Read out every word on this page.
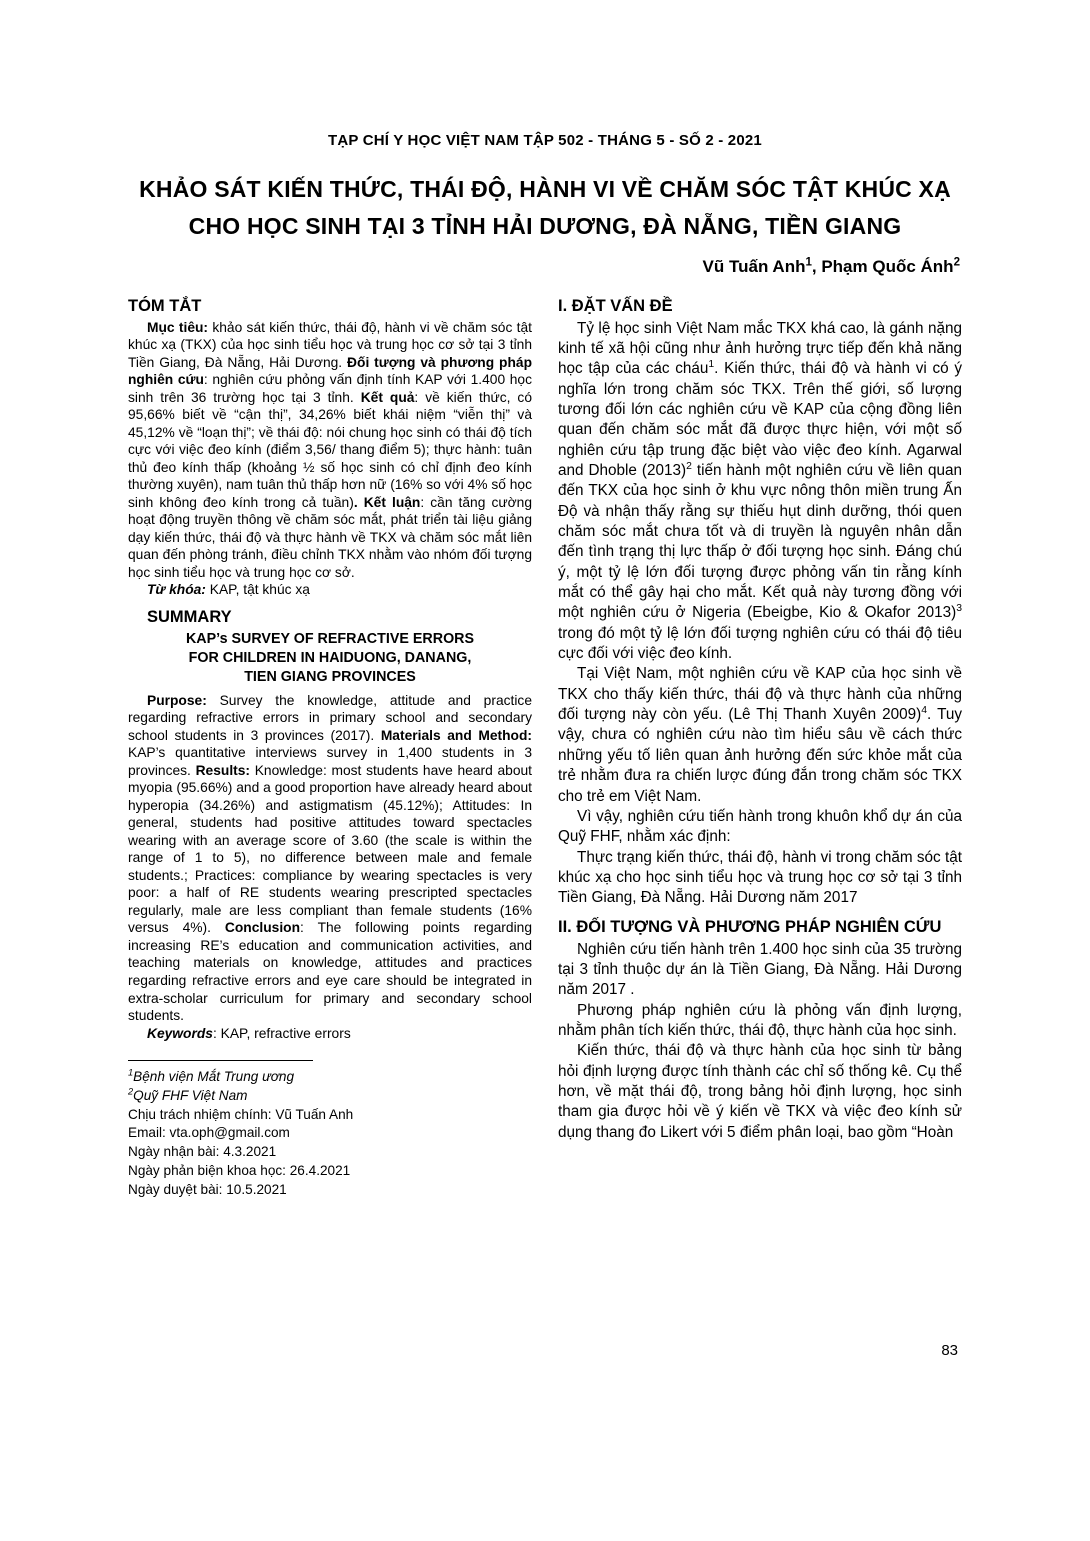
TẠP CHÍ Y HỌC VIỆT NAM TẬP 502 - THÁNG 5 - SỐ 2 - 2021
KHẢO SÁT KIẾN THỨC, THÁI ĐỘ, HÀNH VI VỀ CHĂM SÓC TẬT KHÚC XẠ
CHO HỌC SINH TẠI 3 TỈNH HẢI DƯƠNG, ĐÀ NẴNG, TIỀN GIANG
Vũ Tuấn Anh$^1$, Phạm Quốc Ánh$^2$
TÓM TẮT

Mục tiêu: khảo sát kiến thức, thái độ, hành vi về chăm sóc tật khúc xạ (TKX) của học sinh tiểu học và trung học cơ sở tại 3 tỉnh Tiền Giang, Đà Nẵng, Hải Dương. Đối tượng và phương pháp nghiên cứu: nghiên cứu phỏng vấn định tính KAP với 1.400 học sinh trên 36 trường học tại 3 tỉnh. Kết quả: về kiến thức, có 95,66% biết về “cận thị”, 34,26% biết khái niệm “viễn thị” và 45,12% về “loạn thị”; về thái độ: nói chung học sinh có thái độ tích cực với việc đeo kính (điểm 3,56/ thang điểm 5); thực hành: tuân thủ đeo kính thấp (khoảng ½ số học sinh có chỉ định đeo kính thường xuyên), nam tuân thủ thấp hơn nữ (16% so với 4% số học sinh không đeo kính trong cả tuần). Kết luận: cần tăng cường hoạt động truyền thông về chăm sóc mắt, phát triển tài liệu giảng dạy kiến thức, thái độ và thực hành về TKX và chăm sóc mắt liên quan đến phòng tránh, điều chỉnh TKX nhằm vào nhóm đối tượng học sinh tiểu học và trung học cơ sở.

Từ khóa: KAP, tật khúc xạ

SUMMARY
KAP’s SURVEY OF REFRACTIVE ERRORS
FOR CHILDREN IN HAIDUONG, DANANG,
TIEN GIANG PROVINCES

Purpose: Survey the knowledge, attitude and practice regarding refractive errors in primary school and secondary school students in 3 provinces (2017). Materials and Method: KAP’s quantitative interviews survey in 1,400 students in 3 provinces. Results: Knowledge: most students have heard about myopia (95.66%) and a good proportion have already heard about hyperopia (34.26%) and astigmatism (45.12%); Attitudes: In general, students had positive attitudes toward spectacles wearing with an average score of 3.60 (the scale is within the range of 1 to 5), no difference between male and female students.; Practices: compliance by wearing spectacles is very poor: a half of RE students wearing prescripted spectacles regularly, male are less compliant than female students (16% versus 4%). Conclusion: The following points regarding increasing RE’s education and communication activities, and teaching materials on knowledge, attitudes and practices regarding refractive errors and eye care should be integrated in extra-scholar curriculum for primary and secondary school students.

Keywords: KAP, refractive errors

$^1$Bệnh viện Mắt Trung ương
$^2$Quỹ FHF Việt Nam
Chịu trách nhiệm chính: Vũ Tuấn Anh
Email: vta.oph@gmail.com
Ngày nhận bài: 4.3.2021
Ngày phản biện khoa học: 26.4.2021
Ngày duyệt bài: 10.5.2021
I. ĐẶT VẤN ĐỀ

Tỷ lệ học sinh Việt Nam mắc TKX khá cao, là gánh nặng kinh tế xã hội cũng như ảnh hưởng trực tiếp đến khả năng học tập của các cháu$^1$. Kiến thức, thái độ và hành vi có ý nghĩa lớn trong chăm sóc TKX. Trên thế giới, số lượng tương đối lớn các nghiên cứu về KAP của cộng đồng liên quan đến chăm sóc mắt đã được thực hiện, với một số nghiên cứu tập trung đặc biệt vào việc đeo kính. Agarwal and Dhoble $(2013)^2$ tiến hành một nghiên cứu về liên quan đến TKX của học sinh ở khu vực nông thôn miền trung Ấn Độ và nhận thấy rằng sự thiếu hụt dinh dưỡng, thói quen chăm sóc mắt chưa tốt và di truyền là nguyên nhân dẫn đến tình trạng thị lực thấp ở đối tượng học sinh. Đáng chú ý, một tỷ lệ lớn đối tượng được phỏng vấn tin rằng kính mắt có thể gây hại cho mắt. Kết quả này tương đồng với một nghiên cứu ở Nigeria (Ebeigbe, Kio & Okafor 2013)$^3$ trong đó một tỷ lệ lớn đối tượng nghiên cứu có thái độ tiêu cực đối với việc đeo kính.

Tại Việt Nam, một nghiên cứu về KAP của học sinh về TKX cho thấy kiến thức, thái độ và thực hành của những đối tượng này còn yếu. (Lê Thị Thanh Xuyên 2009)$^4$. Tuy vậy, chưa có nghiên cứu nào tìm hiểu sâu về cách thức những yếu tố liên quan ảnh hưởng đến sức khỏe mắt của trẻ nhằm đưa ra chiến lược đúng đắn trong chăm sóc TKX cho trẻ em Việt Nam.

Vì vậy, nghiên cứu tiến hành trong khuôn khổ dự án của Quỹ FHF, nhằm xác định:

Thực trạng kiến thức, thái độ, hành vi trong chăm sóc tật khúc xạ cho học sinh tiểu học và trung học cơ sở tại 3 tỉnh Tiền Giang, Đà Nẵng. Hải Dương năm 2017

II. ĐỐI TƯỢNG VÀ PHƯƠNG PHÁP NGHIÊN CỨU

Nghiên cứu tiến hành trên 1.400 học sinh của 35 trường tại 3 tỉnh thuộc dự án là Tiền Giang, Đà Nẵng. Hải Dương năm 2017 .

Phương pháp nghiên cứu là phỏng vấn định lượng, nhằm phân tích kiến thức, thái độ, thực hành của học sinh.

Kiến thức, thái độ và thực hành của học sinh từ bảng hỏi định lượng được tính thành các chỉ số thống kê. Cụ thể hơn, về mặt thái độ, trong bảng hỏi định lượng, học sinh tham gia được hỏi về ý kiến về TKX và việc đeo kính sử dụng thang đo Likert với 5 điểm phân loại, bao gồm “Hoàn

83
